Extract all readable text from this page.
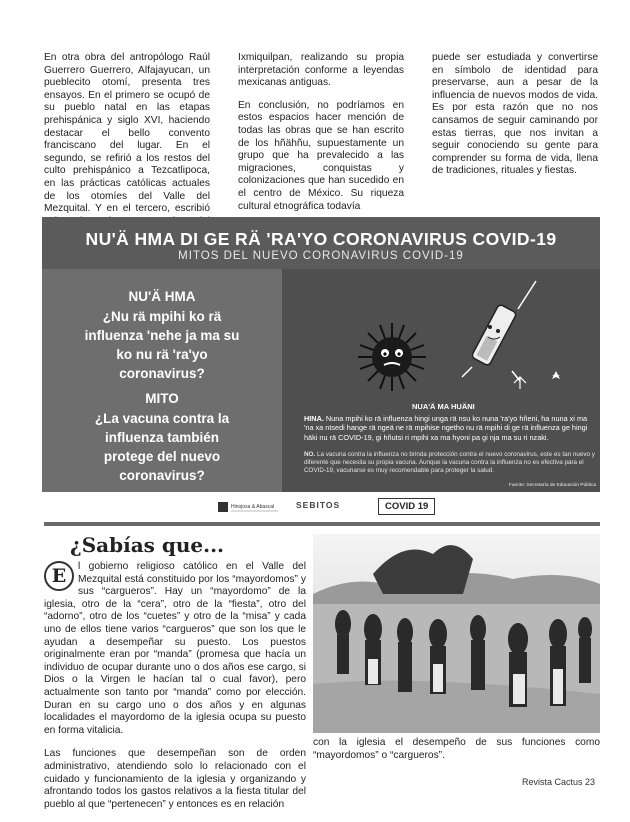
En otra obra del antropólogo Raúl Guerrero Guerrero, Alfajayucan, un pueblecito otomí, presenta tres ensayos. En el primero se ocupó de su pueblo natal en las etapas prehispánica y siglo XVI, haciendo destacar el bello convento franciscano del lugar. En el segundo, se refirió a los restos del culto prehispánico a Tezcatlipoca, en las prácticas católicas actuales de los otomíes del Valle del Mezquital. Y en el tercero, escribió

Ixmiquilpan, realizando su propia interpretación conforme a leyendas mexicanas antiguas.

En conclusión, no podríamos en estos espacios hacer mención de todas las obras que se han escrito de los hñähñu, supuestamente un grupo que ha prevalecido a las migraciones, conquistas y colonizaciones que han sucedido en el centro de México. Su riqueza cultural etnográfica todavía

puede ser estudiada y convertirse en símbolo de identidad para preservarse, aun a pesar de la influencia de nuevos modos de vida. Es por esta razón que no nos cansamos de seguir caminando por estas tierras, que nos invitan a seguir conociendo su gente para comprender su forma de vida, llena de tradiciones, rituales y fiestas.

NU'Ä HMA DI GE RÄ 'RA'YO CORONAVIRUS COVID-19
MITOS DEL NUEVO CORONAVIRUS COVID-19
NU'Ä HMA
¿Nu rä mpihi ko rä
influenza 'nehe ja ma su
ko nu rä 'ra'yo
coronavirus?
MITO
¿La vacuna contra la
influenza también
protege del nuevo
coronavirus?
NUA'Ä MA HUÄNI
HINA. Nuna mpihi ko rä influenza hingi unga rä nsu ko nuna 'ra'yo hñeni, ha nuna xi ma 'na xa ntsedi hange rä ngeä ne rä mpihise ngetho nu rä mpihi di ge rä influenza ge hingi häki nu rä COVID-19, gi hñutsi ri mpihi xa ma hyoni pa gi nja ma su ri nzaki.
NO. La vacuna contra la influenza no brinda protección contra el nuevo coronavirus, este es tan nuevo y diferente que necesita su propia vacuna. Aunque la vacuna contra la influenza no es efectiva para el COVID-19, vacunarse es muy recomendable para proteger la salud.
Fuente: Secretaría de Educación Pública
Hinojosa & Abascal	SEBITOS	COVID 19
¿Sabías que...

E	l gobierno religioso católico en el Valle del Mezquital está constituido por los “mayordomos” y sus “cargueros”. Hay un “mayordomo” de la iglesia, otro de la “cera”, otro de la “fiesta”, otro del “adorno”, otro de los “cuetes” y otro de la “misa” y cada uno de ellos tiene varios “cargueros” que son los que le ayudan a desempeñar su puesto. Los puestos originalmente eran por “manda” (promesa que hacía un individuo de ocupar durante uno o dos años ese cargo, si Dios o la Virgen le hacían tal o cual favor), pero actualmente son tanto por “manda” como por elección. Duran en su cargo uno o dos años y en algunas localidades el mayordomo de la iglesia ocupa su puesto en forma vitalicia.

Las funciones que desempeñan son de orden administrativo, atendiendo solo lo relacionado con el cuidado y funcionamiento de la iglesia y organizando y afrontando todos los gastos relativos a la fiesta titular del pueblo al que “pertenecen” y entonces es en relación

con la iglesia el desempeño de sus funciones como “mayordomos” o “cargueros”.
Revista Cactus 23
